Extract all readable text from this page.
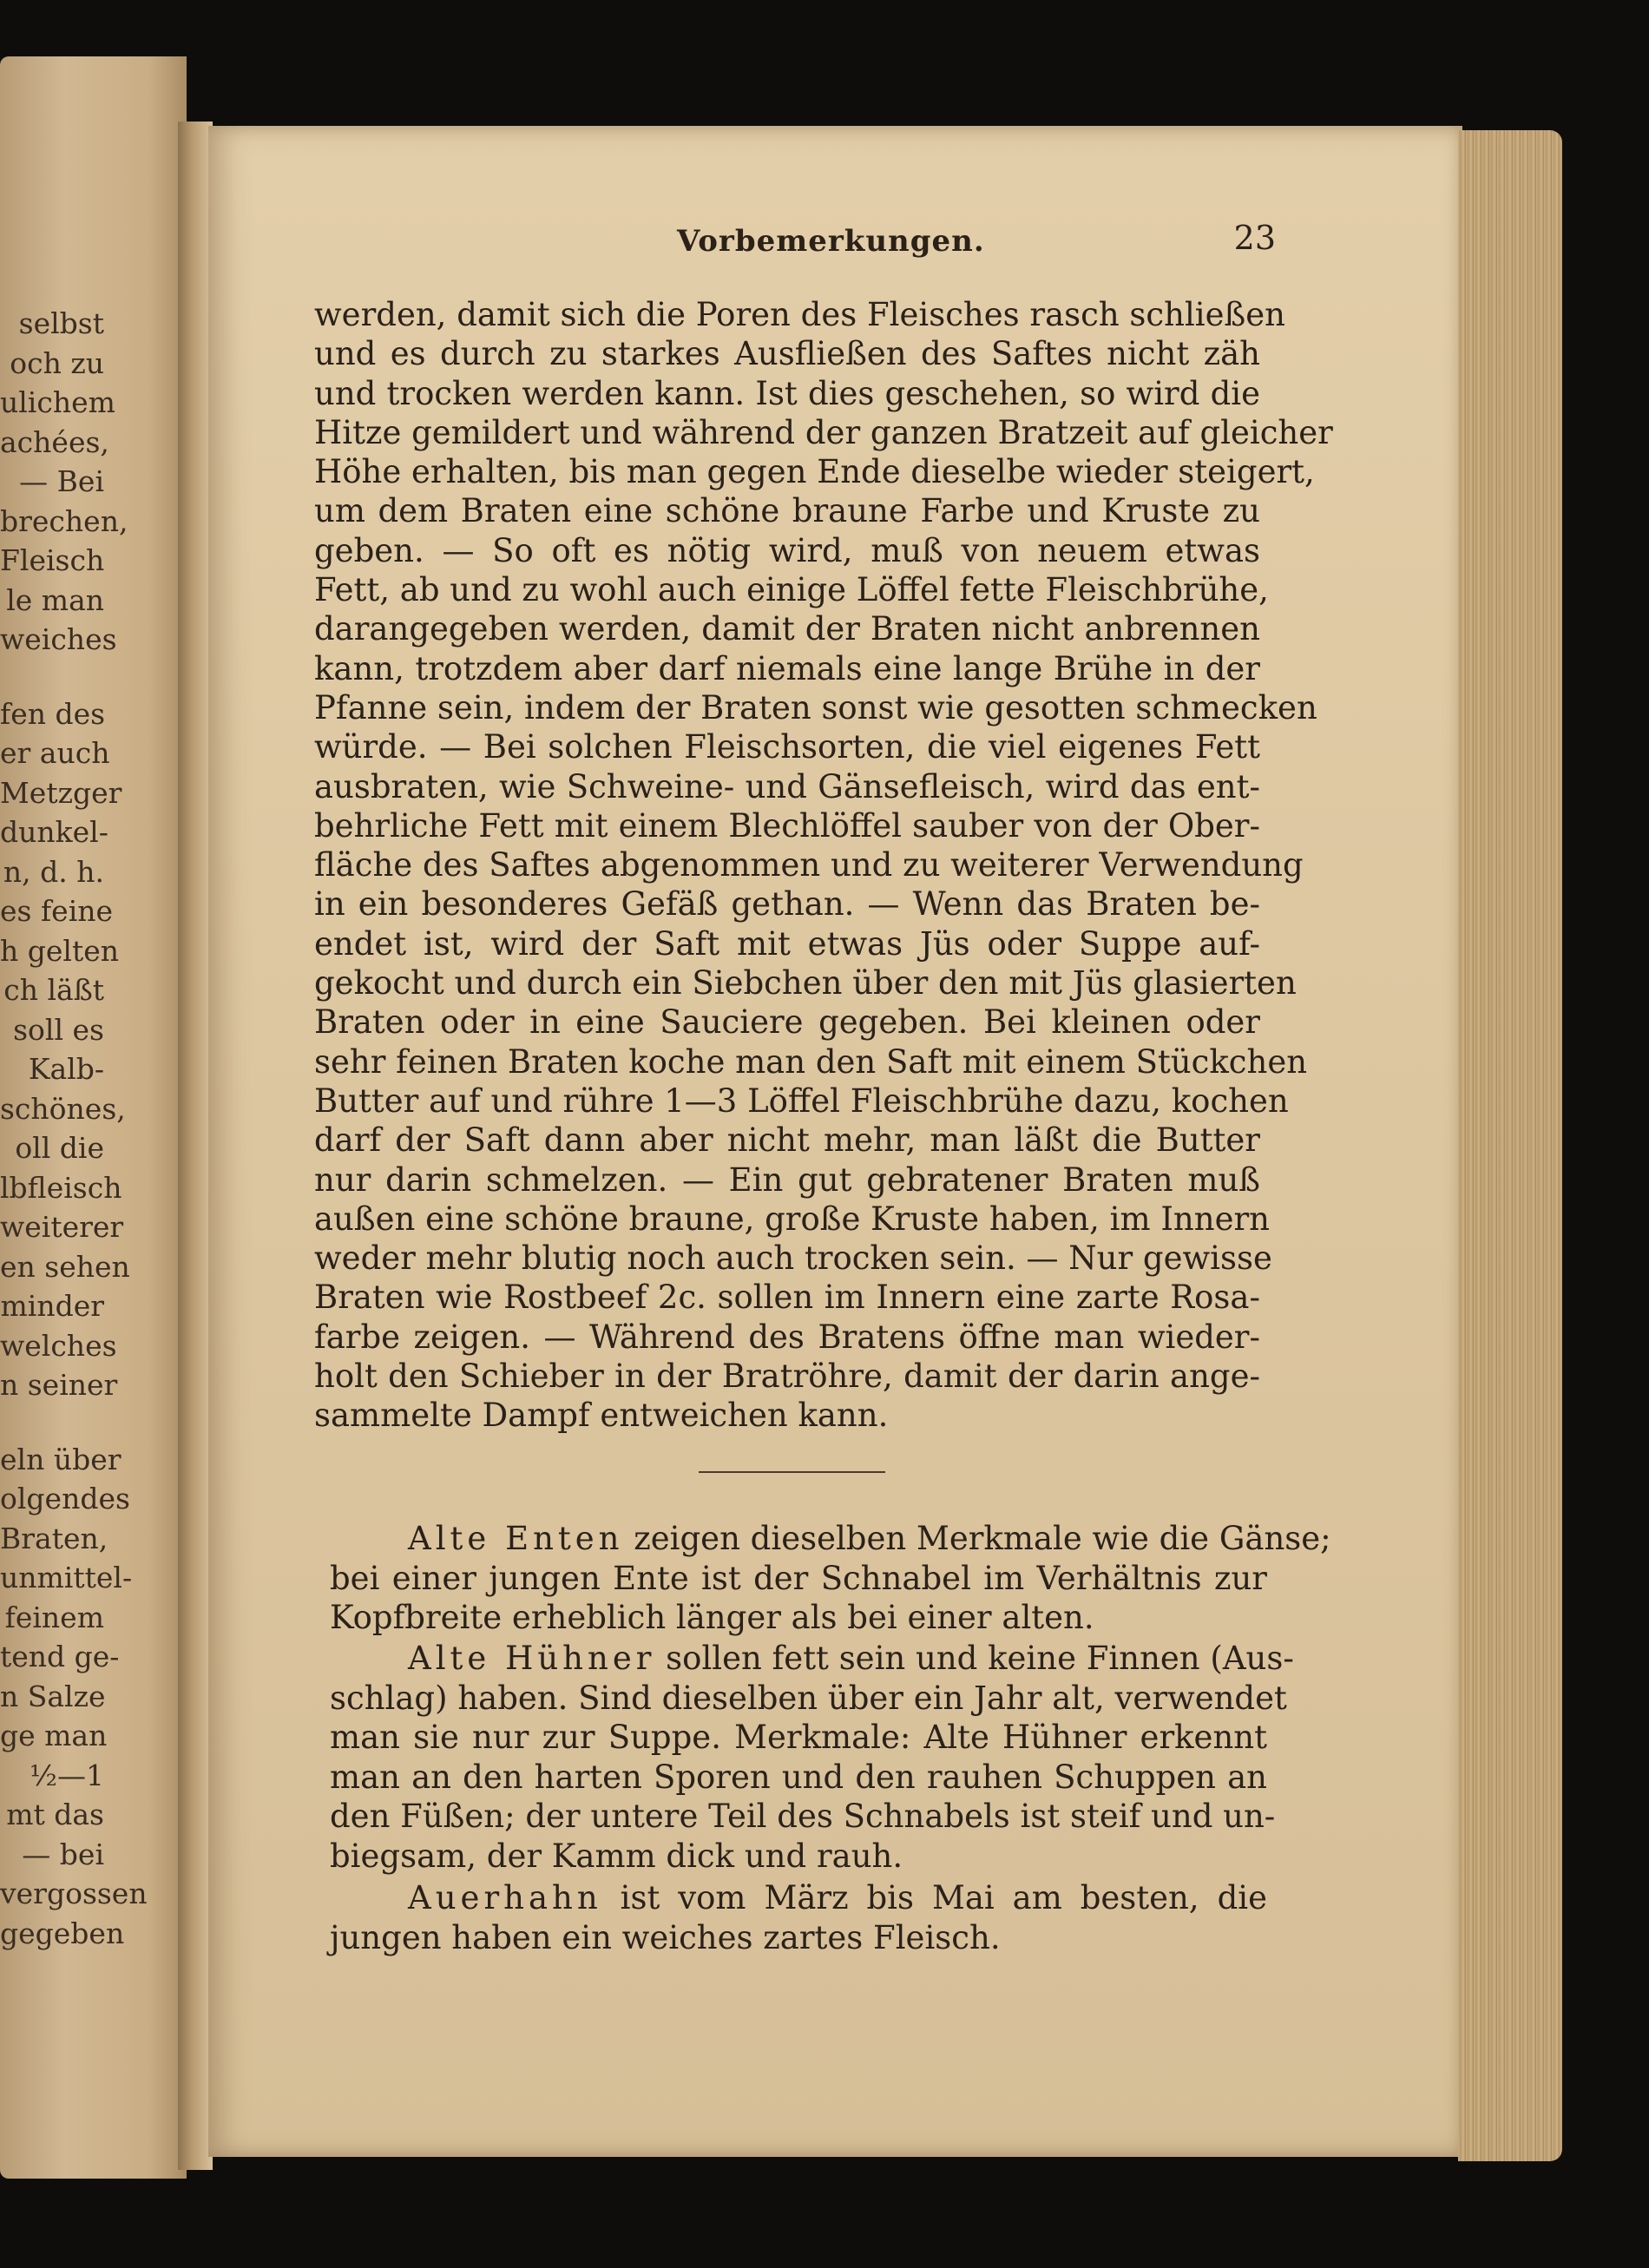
selbst
och zu
ulichem
achées,
— Bei
brechen,
Fleisch
le man
weiches
fen des
er auch
Metzger
dunkel-
n, d. h.
es feine
h gelten
ch läßt
soll es
Kalb-
schönes,
oll die
lbfleisch
weiterer
en sehen
minder
welches
n seiner
eln über
olgendes
Braten,
unmittel-
feinem
tend ge-
n Salze
ge man
½—1
mt das
— bei
vergossen
gegeben
Vorbemerkungen.	23
werden, damit sich die Poren des Fleisches rasch schließen
und es durch zu starkes Ausfließen des Saftes nicht zäh
und trocken werden kann. Ist dies geschehen, so wird die
Hitze gemildert und während der ganzen Bratzeit auf gleicher
Höhe erhalten, bis man gegen Ende dieselbe wieder steigert,
um dem Braten eine schöne braune Farbe und Kruste zu
geben. — So oft es nötig wird, muß von neuem etwas
Fett, ab und zu wohl auch einige Löffel fette Fleischbrühe,
darangegeben werden, damit der Braten nicht anbrennen
kann, trotzdem aber darf niemals eine lange Brühe in der
Pfanne sein, indem der Braten sonst wie gesotten schmecken
würde. — Bei solchen Fleischsorten, die viel eigenes Fett
ausbraten, wie Schweine- und Gänsefleisch, wird das ent-
behrliche Fett mit einem Blechlöffel sauber von der Ober-
fläche des Saftes abgenommen und zu weiterer Verwendung
in ein besonderes Gefäß gethan. — Wenn das Braten be-
endet ist, wird der Saft mit etwas Jüs oder Suppe auf-
gekocht und durch ein Siebchen über den mit Jüs glasierten
Braten oder in eine Sauciere gegeben. Bei kleinen oder
sehr feinen Braten koche man den Saft mit einem Stückchen
Butter auf und rühre 1—3 Löffel Fleischbrühe dazu, kochen
darf der Saft dann aber nicht mehr, man läßt die Butter
nur darin schmelzen. — Ein gut gebratener Braten muß
außen eine schöne braune, große Kruste haben, im Innern
weder mehr blutig noch auch trocken sein. — Nur gewisse
Braten wie Rostbeef 2c. sollen im Innern eine zarte Rosa-
farbe zeigen. — Während des Bratens öffne man wieder-
holt den Schieber in der Bratröhre, damit der darin ange-
sammelte Dampf entweichen kann.
Alte Enten zeigen dieselben Merkmale wie die Gänse;
bei einer jungen Ente ist der Schnabel im Verhältnis zur
Kopfbreite erheblich länger als bei einer alten.
Alte Hühner sollen fett sein und keine Finnen (Aus-
schlag) haben. Sind dieselben über ein Jahr alt, verwendet
man sie nur zur Suppe. Merkmale: Alte Hühner erkennt
man an den harten Sporen und den rauhen Schuppen an
den Füßen; der untere Teil des Schnabels ist steif und un-
biegsam, der Kamm dick und rauh.
Auerhahn ist vom März bis Mai am besten, die
jungen haben ein weiches zartes Fleisch.
